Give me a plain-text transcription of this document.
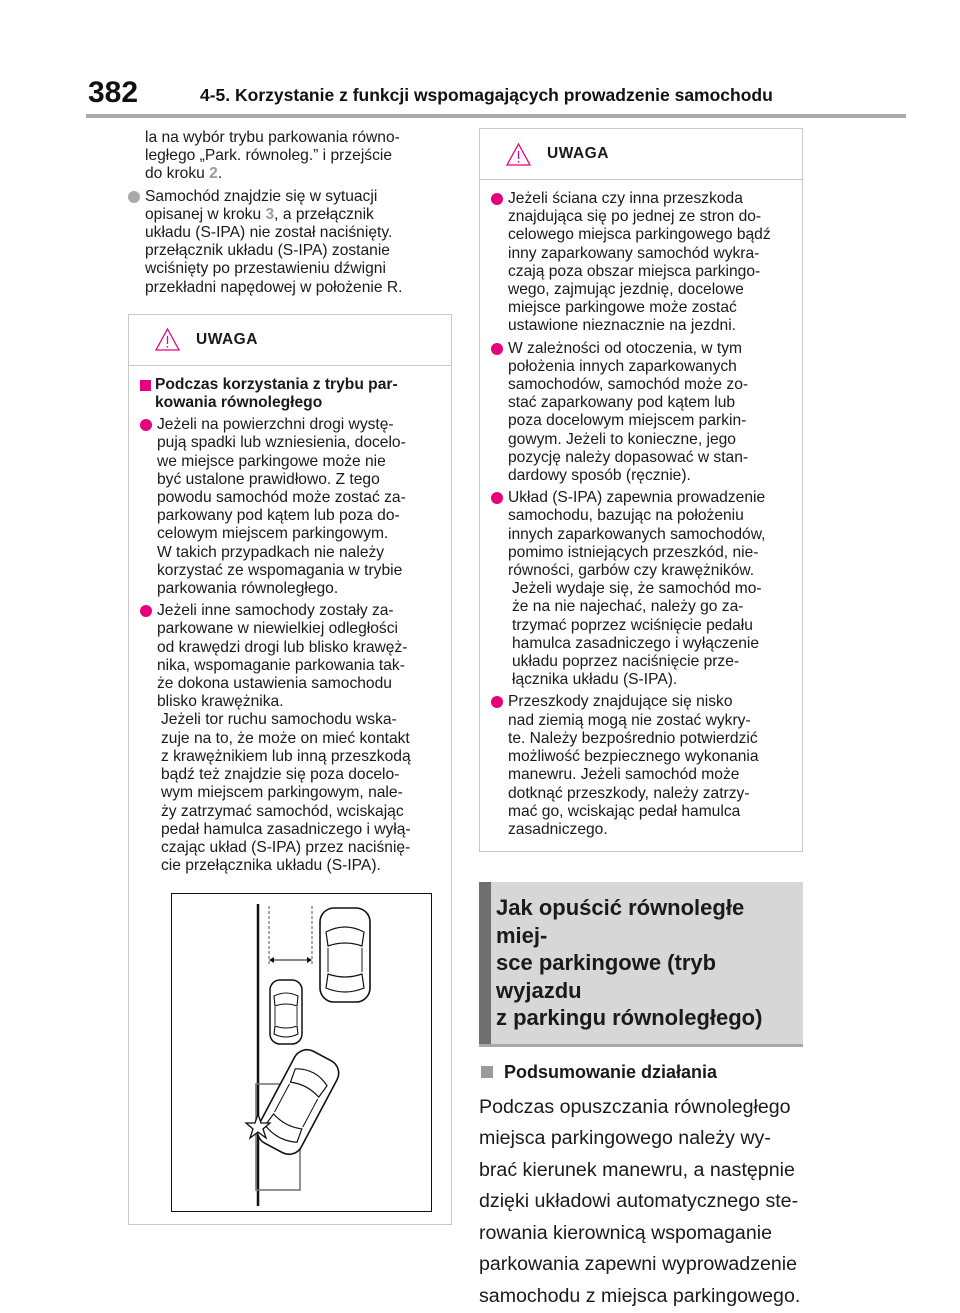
382	4-5. Korzystanie z funkcji wspomagających prowadzenie samochodu
la na wybór trybu parkowania równo-
ległego „Park. równoleg.” i przejście
do kroku 2.
Samochód znajdzie się w sytuacji
opisanej w kroku 3, a przełącznik
układu (S-IPA) nie został naciśnięty.
przełącznik układu (S-IPA) zostanie
wciśnięty po przestawieniu dźwigni
przekładni napędowej w położenie R.
UWAGA
Podczas korzystania z trybu par-
kowania równoległego
Jeżeli na powierzchni drogi wystę-
pują spadki lub wzniesienia, docelo-
we miejsce parkingowe może nie
być ustalone prawidłowo. Z tego
powodu samochód może zostać za-
parkowany pod kątem lub poza do-
celowym miejscem parkingowym.
W takich przypadkach nie należy
korzystać ze wspomagania w trybie
parkowania równoległego.
Jeżeli inne samochody zostały za-
parkowane w niewielkiej odległości
od krawędzi drogi lub blisko krawęż-
nika, wspomaganie parkowania tak-
że dokona ustawienia samochodu
blisko krawężnika.
Jeżeli tor ruchu samochodu wska-
zuje na to, że może on mieć kontakt
z krawężnikiem lub inną przeszkodą
bądź też znajdzie się poza docelo-
wym miejscem parkingowym, nale-
ży zatrzymać samochód, wciskając
pedał hamulca zasadniczego i wyłą-
czając układ (S-IPA) przez naciśnię-
cie przełącznika układu (S-IPA).
UWAGA
Jeżeli ściana czy inna przeszkoda
znajdująca się po jednej ze stron do-
celowego miejsca parkingowego bądź
inny zaparkowany samochód wykra-
czają poza obszar miejsca parkingo-
wego, zajmując jezdnię, docelowe
miejsce parkingowe może zostać
ustawione nieznacznie na jezdni.
W zależności od otoczenia, w tym
położenia innych zaparkowanych
samochodów, samochód może zo-
stać zaparkowany pod kątem lub
poza docelowym miejscem parkin-
gowym. Jeżeli to konieczne, jego
pozycję należy dopasować w stan-
dardowy sposób (ręcznie).
Układ (S-IPA) zapewnia prowadzenie
samochodu, bazując na położeniu
innych zaparkowanych samochodów,
pomimo istniejących przeszkód, nie-
równości, garbów czy krawężników.
Jeżeli wydaje się, że samochód mo-
że na nie najechać, należy go za-
trzymać poprzez wciśnięcie pedału
hamulca zasadniczego i wyłączenie
układu poprzez naciśnięcie prze-
łącznika układu (S-IPA).
Przeszkody znajdujące się nisko
nad ziemią mogą nie zostać wykry-
te. Należy bezpośrednio potwierdzić
możliwość bezpiecznego wykonania
manewru. Jeżeli samochód może
dotknąć przeszkody, należy zatrzy-
mać go, wciskając pedał hamulca
zasadniczego.
Jak opuścić równoległe miej-
sce parkingowe (tryb wyjazdu
z parkingu równoległego)
Podsumowanie działania
Podczas opuszczania równoległego
miejsca parkingowego należy wy-
brać kierunek manewru, a następnie
dzięki układowi automatycznego ste-
rowania kierownicą wspomaganie
parkowania zapewni wyprowadzenie
samochodu z miejsca parkingowego.
